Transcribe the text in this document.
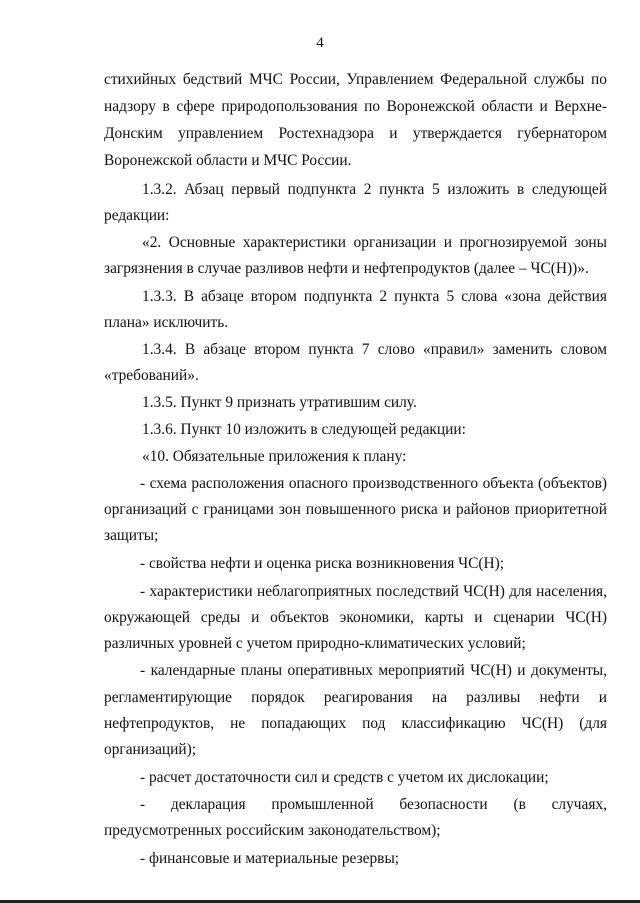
4
стихийных бедствий МЧС России, Управлением Федеральной службы по
надзору в сфере природопользования по Воронежской области и Верхне-
Донским управлением Ростехнадзора и утверждается губернатором
Воронежской области и МЧС России.
1.3.2. Абзац первый подпункта 2 пункта 5 изложить в следующей
редакции:
«2. Основные характеристики организации и прогнозируемой зоны
загрязнения в случае разливов нефти и нефтепродуктов (далее – ЧС(Н))».
1.3.3. В абзаце втором подпункта 2 пункта 5 слова «зона действия
плана» исключить.
1.3.4. В абзаце втором пункта 7 слово «правил» заменить словом
«требований».
1.3.5. Пункт 9 признать утратившим силу.
1.3.6. Пункт 10 изложить в следующей редакции:
«10. Обязательные приложения к плану:
- схема расположения опасного производственного объекта (объектов)
организаций с границами зон повышенного риска и районов приоритетной
защиты;
- свойства нефти и оценка риска возникновения ЧС(Н);
- характеристики неблагоприятных последствий ЧС(Н) для населения,
окружающей среды и объектов экономики, карты и сценарии ЧС(Н)
различных уровней с учетом природно-климатических условий;
- календарные планы оперативных мероприятий ЧС(Н) и документы,
регламентирующие порядок реагирования на разливы нефти и
нефтепродуктов, не попадающих под классификацию ЧС(Н) (для
организаций);
- расчет достаточности сил и средств с учетом их дислокации;
- декларация промышленной безопасности (в случаях,
предусмотренных российским законодательством);
- финансовые и материальные резервы;
